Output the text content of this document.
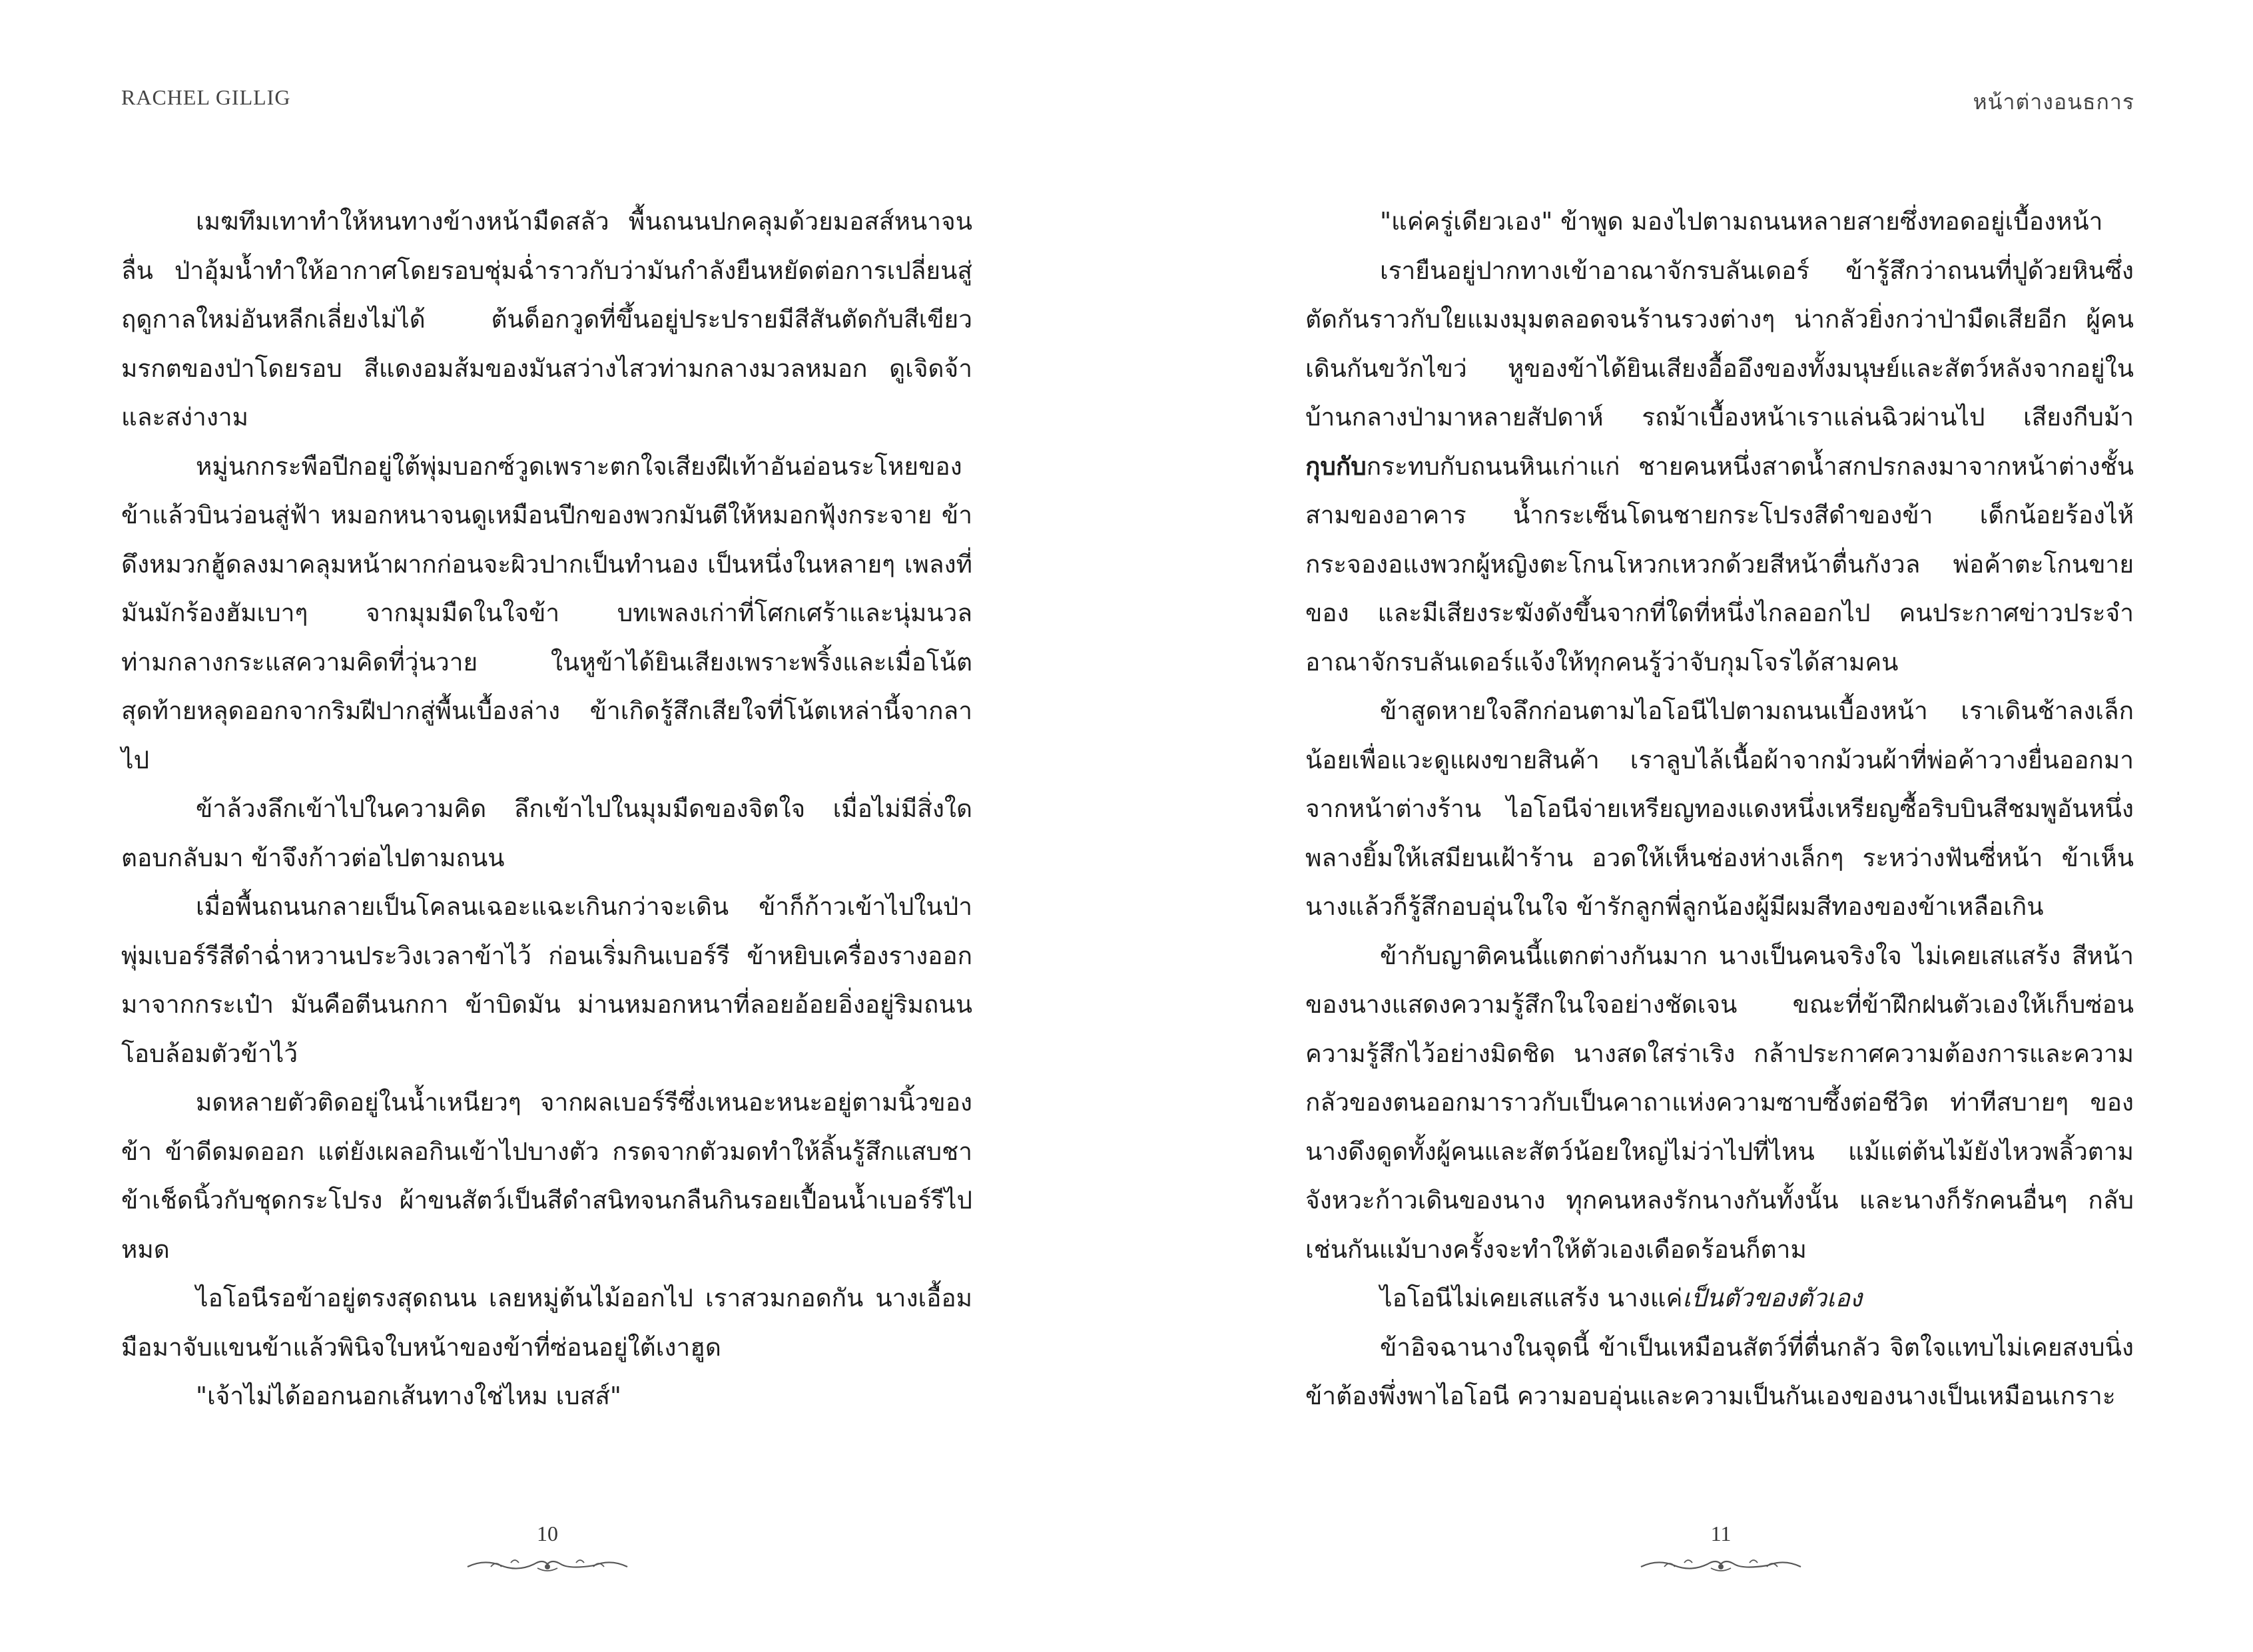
RACHEL GILLIG

เมฆทึมเทาทำให้หนทางข้างหน้ามืดสลัว พื้นถนนปกคลุมด้วยมอสส์หนาจนลื่น ป่าอุ้มน้ำทำให้อากาศโดยรอบชุ่มฉ่ำราวกับว่ามันกำลังยืนหยัดต่อการเปลี่ยนสู่ฤดูกาลใหม่อันหลีกเลี่ยงไม่ได้ ต้นด็อกวูดที่ขึ้นอยู่ประปรายมีสีสันตัดกับสีเขียวมรกตของป่าโดยรอบ สีแดงอมส้มของมันสว่างไสวท่ามกลางมวลหมอก ดูเจิดจ้าและสง่างาม

หมู่นกกระพือปีกอยู่ใต้พุ่มบอกซ์วูดเพราะตกใจเสียงฝีเท้าอันอ่อนระโหยของข้าแล้วบินว่อนสู่ฟ้า หมอกหนาจนดูเหมือนปีกของพวกมันตีให้หมอกฟุ้งกระจาย ข้าดึงหมวกฮู้ดลงมาคลุมหน้าผากก่อนจะผิวปากเป็นทำนอง เป็นหนึ่งในหลายๆ เพลงที่มันมักร้องฮัมเบาๆ จากมุมมืดในใจข้า บทเพลงเก่าที่โศกเศร้าและนุ่มนวลท่ามกลางกระแสความคิดที่วุ่นวาย ในหูข้าได้ยินเสียงเพราะพริ้งและเมื่อโน้ตสุดท้ายหลุดออกจากริมฝีปากสู่พื้นเบื้องล่าง ข้าเกิดรู้สึกเสียใจที่โน้ตเหล่านี้จากลาไป

ข้าล้วงลึกเข้าไปในความคิด ลึกเข้าไปในมุมมืดของจิตใจ เมื่อไม่มีสิ่งใดตอบกลับมา ข้าจึงก้าวต่อไปตามถนน

เมื่อพื้นถนนกลายเป็นโคลนเฉอะแฉะเกินกว่าจะเดิน ข้าก็ก้าวเข้าไปในป่าพุ่มเบอร์รีสีดำฉ่ำหวานประวิงเวลาข้าไว้ ก่อนเริ่มกินเบอร์รี ข้าหยิบเครื่องรางออกมาจากกระเป๋า มันคือตีนนกกา ข้าบิดมัน ม่านหมอกหนาที่ลอยอ้อยอิ่งอยู่ริมถนนโอบล้อมตัวข้าไว้

มดหลายตัวติดอยู่ในน้ำเหนียวๆ จากผลเบอร์รีซึ่งเหนอะหนะอยู่ตามนิ้วของข้า ข้าดีดมดออก แต่ยังเผลอกินเข้าไปบางตัว กรดจากตัวมดทำให้ลิ้นรู้สึกแสบชา ข้าเช็ดนิ้วกับชุดกระโปรง ผ้าขนสัตว์เป็นสีดำสนิทจนกลืนกินรอยเปื้อนน้ำเบอร์รีไปหมด

ไอโอนีรอข้าอยู่ตรงสุดถนน เลยหมู่ต้นไม้ออกไป เราสวมกอดกัน นางเอื้อมมือมาจับแขนข้าแล้วพินิจใบหน้าของข้าที่ซ่อนอยู่ใต้เงาฮูด

"เจ้าไม่ได้ออกนอกเส้นทางใช่ไหม เบสส์"

10
หน้าต่างอนธการ

"แค่ครู่เดียวเอง" ข้าพูด มองไปตามถนนหลายสายซึ่งทอดอยู่เบื้องหน้า

เรายืนอยู่ปากทางเข้าอาณาจักรบลันเดอร์ ข้ารู้สึกว่าถนนที่ปูด้วยหินซึ่งตัดกันราวกับใยแมงมุมตลอดจนร้านรวงต่างๆ น่ากลัวยิ่งกว่าป่ามืดเสียอีก ผู้คนเดินกันขวักไขว่ หูของข้าได้ยินเสียงอื้ออึงของทั้งมนุษย์และสัตว์หลังจากอยู่ในบ้านกลางป่ามาหลายสัปดาห์ รถม้าเบื้องหน้าเราแล่นฉิวผ่านไป เสียงกีบม้ากุบกับกระทบกับถนนหินเก่าแก่ ชายคนหนึ่งสาดน้ำสกปรกลงมาจากหน้าต่างชั้นสามของอาคาร น้ำกระเซ็นโดนชายกระโปรงสีดำของข้า เด็กน้อยร้องไห้กระจองอแงพวกผู้หญิงตะโกนโหวกเหวกด้วยสีหน้าตื่นกังวล พ่อค้าตะโกนขายของ และมีเสียงระฆังดังขึ้นจากที่ใดที่หนึ่งไกลออกไป คนประกาศข่าวประจำอาณาจักรบลันเดอร์แจ้งให้ทุกคนรู้ว่าจับกุมโจรได้สามคน

ข้าสูดหายใจลึกก่อนตามไอโอนีไปตามถนนเบื้องหน้า เราเดินช้าลงเล็กน้อยเพื่อแวะดูแผงขายสินค้า เราลูบไล้เนื้อผ้าจากม้วนผ้าที่พ่อค้าวางยื่นออกมาจากหน้าต่างร้าน ไอโอนีจ่ายเหรียญทองแดงหนึ่งเหรียญซื้อริบบินสีชมพูอันหนึ่ง พลางยิ้มให้เสมียนเฝ้าร้าน อวดให้เห็นช่องห่างเล็กๆ ระหว่างฟันซี่หน้า ข้าเห็นนางแล้วก็รู้สึกอบอุ่นในใจ ข้ารักลูกพี่ลูกน้องผู้มีผมสีทองของข้าเหลือเกิน

ข้ากับญาติคนนี้แตกต่างกันมาก นางเป็นคนจริงใจ ไม่เคยเสแสร้ง สีหน้าของนางแสดงความรู้สึกในใจอย่างชัดเจน ขณะที่ข้าฝึกฝนตัวเองให้เก็บซ่อนความรู้สึกไว้อย่างมิดชิด นางสดใสร่าเริง กล้าประกาศความต้องการและความกลัวของตนออกมาราวกับเป็นคาถาแห่งความซาบซึ้งต่อชีวิต ท่าทีสบายๆ ของนางดึงดูดทั้งผู้คนและสัตว์น้อยใหญ่ไม่ว่าไปที่ไหน แม้แต่ต้นไม้ยังไหวพลิ้วตามจังหวะก้าวเดินของนาง ทุกคนหลงรักนางกันทั้งนั้น และนางก็รักคนอื่นๆ กลับเช่นกันแม้บางครั้งจะทำให้ตัวเองเดือดร้อนก็ตาม

ไอโอนีไม่เคยเสแสร้ง นางแค่เป็นตัวของตัวเอง

ข้าอิจฉานางในจุดนี้ ข้าเป็นเหมือนสัตว์ที่ตื่นกลัว จิตใจแทบไม่เคยสงบนิ่งข้าต้องพึ่งพาไอโอนี ความอบอุ่นและความเป็นกันเองของนางเป็นเหมือนเกราะ

11
